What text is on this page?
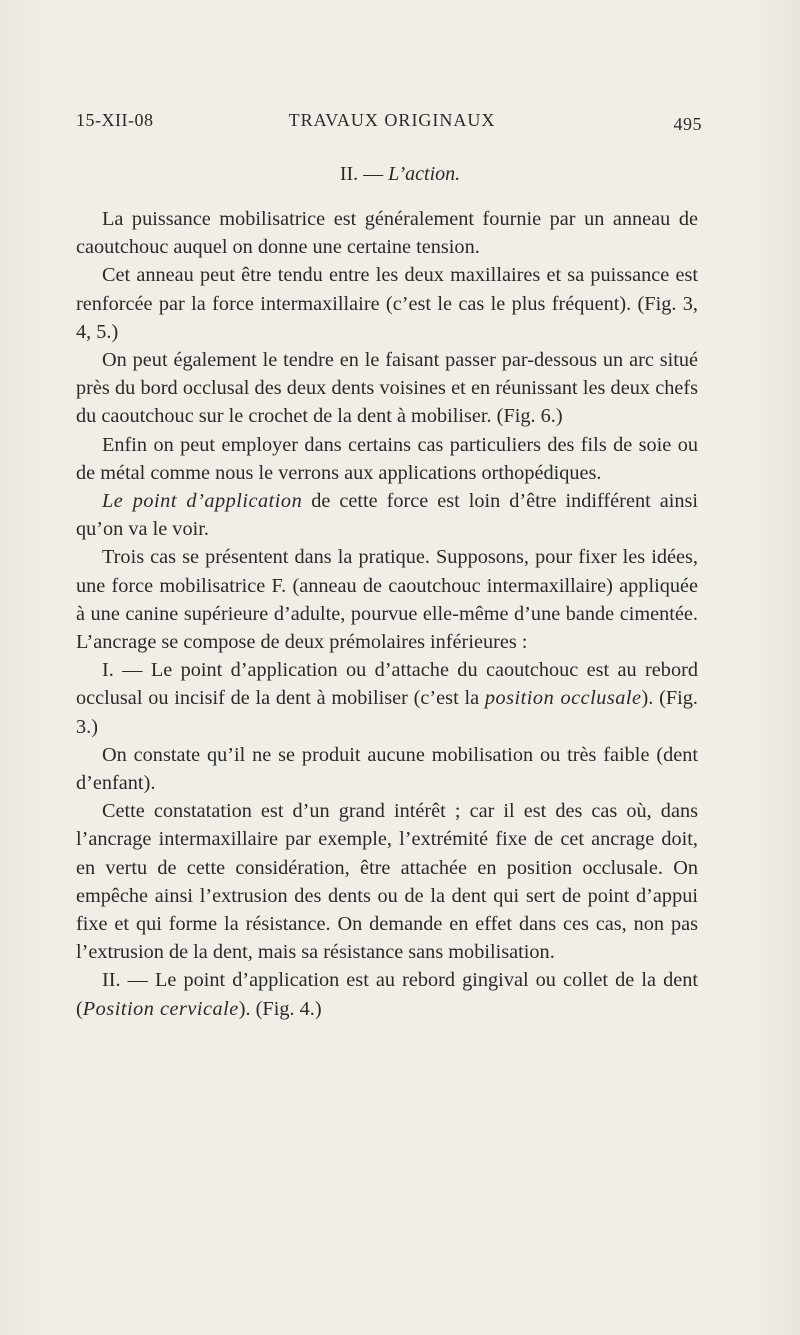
15-XII-08	TRAVAUX ORIGINAUX	495
II. — L’action.

La puissance mobilisatrice est généralement fournie par un anneau de caoutchouc auquel on donne une certaine tension.

Cet anneau peut être tendu entre les deux maxillaires et sa puissance est renforcée par la force intermaxillaire (c’est le cas le plus fréquent). (Fig. 3, 4, 5.)

On peut également le tendre en le faisant passer par-dessous un arc situé près du bord occlusal des deux dents voisines et en réunissant les deux chefs du caoutchouc sur le crochet de la dent à mobiliser. (Fig. 6.)

Enfin on peut employer dans certains cas particuliers des fils de soie ou de métal comme nous le verrons aux applications orthopédiques.

Le point d’application de cette force est loin d’être indifférent ainsi qu’on va le voir.

Trois cas se présentent dans la pratique. Supposons, pour fixer les idées, une force mobilisatrice F. (anneau de caoutchouc intermaxillaire) appliquée à une canine supérieure d’adulte, pourvue elle-même d’une bande cimentée. L’ancrage se compose de deux prémolaires inférieures :

I. — Le point d’application ou d’attache du caoutchouc est au rebord occlusal ou incisif de la dent à mobiliser (c’est la position occlusale). (Fig. 3.)

On constate qu’il ne se produit aucune mobilisation ou très faible (dent d’enfant).

Cette constatation est d’un grand intérêt ; car il est des cas où, dans l’ancrage intermaxillaire par exemple, l’extrémité fixe de cet ancrage doit, en vertu de cette considération, être attachée en position occlusale. On empêche ainsi l’extrusion des dents ou de la dent qui sert de point d’appui fixe et qui forme la résistance. On demande en effet dans ces cas, non pas l’extrusion de la dent, mais sa résistance sans mobilisation.

II. — Le point d’application est au rebord gingival ou collet de la dent (Position cervicale). (Fig. 4.)
